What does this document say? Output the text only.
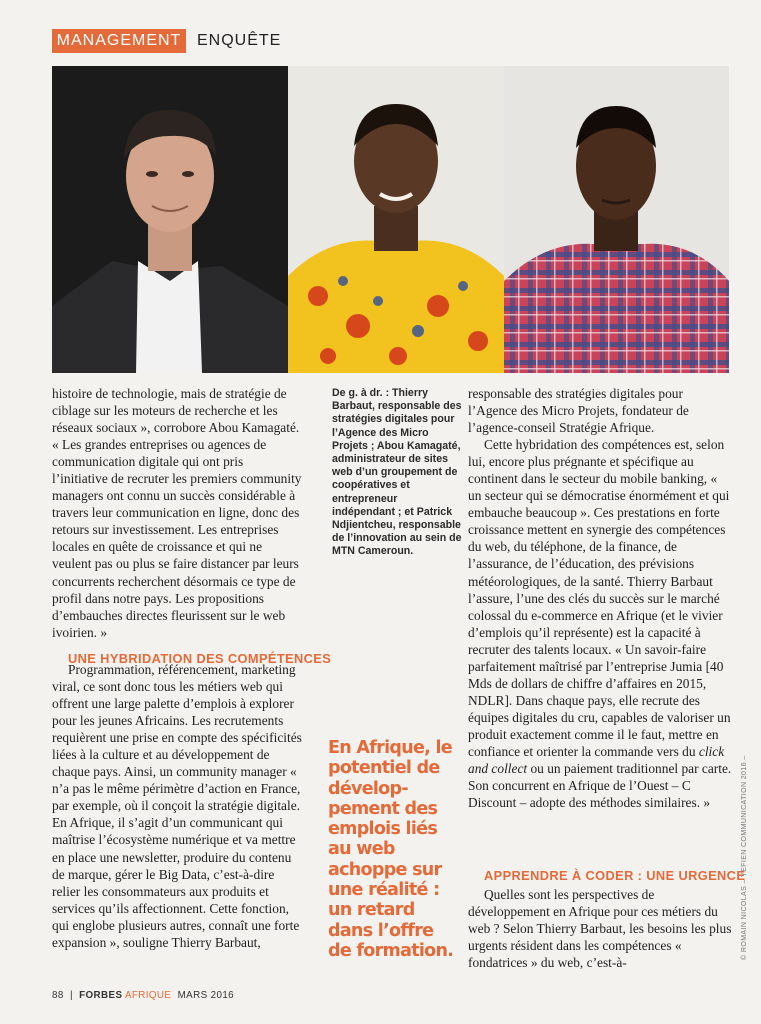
MANAGEMENT ENQUÊTE

histoire de technologie, mais de stratégie de ciblage sur les moteurs de recherche et les réseaux sociaux », corrobore Abou Kamagaté. « Les grandes entreprises ou agences de communication digitale qui ont pris l’initiative de recruter les premiers community managers ont connu un succès considérable à travers leur communication en ligne, donc des retours sur investissement. Les entreprises locales en quête de croissance et qui ne veulent pas ou plus se faire distancer par leurs concurrents recherchent désormais ce type de profil dans notre pays. Les propositions d’embauches directes fleurissent sur le web ivoirien. »

UNE HYBRIDATION DES COMPÉTENCES

Programmation, référencement, marketing viral, ce sont donc tous les métiers web qui offrent une large palette d’emplois à explorer pour les jeunes Africains. Les recrutements requièrent une prise en compte des spécificités liées à la culture et au développement de chaque pays. Ainsi, un community manager « n’a pas le même périmètre d’action en France, par exemple, où il conçoit la stratégie digitale. En Afrique, il s’agit d’un communicant qui maîtrise l’écosystème numérique et va mettre en place une newsletter, produire du contenu de marque, gérer le Big Data, c’est-à-dire relier les consommateurs aux produits et services qu’ils affectionnent. Cette fonction, qui englobe plusieurs autres, connaît une forte expansion », souligne Thierry Barbaut,

De g. à dr. : Thierry Barbaut, responsable des stratégies digitales pour l’Agence des Micro Projets ; Abou Kamagaté, administrateur de sites web d’un groupement de coopératives et entrepreneur indépendant ; et Patrick Ndjientcheu, responsable de l’innovation au sein de MTN Cameroun.
En Afrique, le potentiel de dévelop-pement des emplois liés au web achoppe sur une réalité : un retard dans l’offre de formation.

responsable des stratégies digitales pour l’Agence des Micro Projets, fondateur de l’agence-conseil Stratégie Afrique.

Cette hybridation des compétences est, selon lui, encore plus prégnante et spécifique au continent dans le secteur du mobile banking, « un secteur qui se démocratise énormément et qui embauche beaucoup ». Ces prestations en forte croissance mettent en synergie des compétences du web, du téléphone, de la finance, de l’assurance, de l’éducation, des prévisions météorologiques, de la santé. Thierry Barbaut l’assure, l’une des clés du succès sur le marché colossal du e-commerce en Afrique (et le vivier d’emplois qu’il représente) est la capacité à recruter des talents locaux. « Un savoir-faire parfaitement maîtrisé par l’entreprise Jumia [40 Mds de dollars de chiffre d’affaires en 2015, NDLR]. Dans chaque pays, elle recrute des équipes digitales du cru, capables de valoriser un produit exactement comme il le faut, mettre en confiance et orienter la commande vers du click and collect ou un paiement traditionnel par carte. Son concurrent en Afrique de l’Ouest – C Discount – adopte des méthodes similaires. »

APPRENDRE À CODER : UNE URGENCE

Quelles sont les perspectives de développement en Afrique pour ces métiers du web ? Selon Thierry Barbaut, les besoins les plus urgents résident dans les compétences « fondatrices » du web, c’est-à-

88 | FORBES AFRIQUE MARS 2016
© ROMAIN NICOLAS – YEFIEN COMMUNICATION 2016 –
